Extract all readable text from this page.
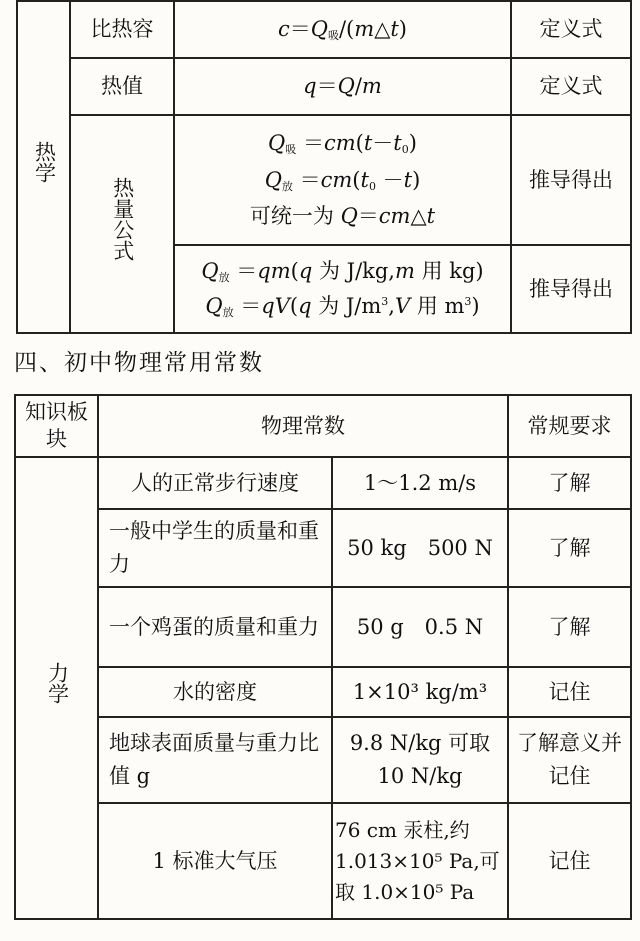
热学	比热容	$c=Q_吸/(m\triangle t)$	定义式
	热值	q＝Q/m	定义式
	热量公式	$Q_吸 =cm(t-t_0)$
$Q_放 =cm(t_0 -t)$
可统一为 Q＝cm△t	推导得出

		$Q_放 =qm(q$ 为 J/kg,m 用 kg)
$Q_放 =qV(q$ 为 $J/m^3,V$ 用 $m^3$)	推导得出
四、初中物理常用常数
知识板块	物理常数		常规要求
力学	人的正常步行速度	1～1.2 m/s	了解
	一般中学生的质量和重力	50 kg　500 N	了解
	一个鸡蛋的质量和重力	50 g　0.5 N	了解
	水的密度	1×10³ kg/m³	记住
	地球表面质量与重力比值 g	9.8 N/kg 可取 10 N/kg	了解意义并记住
	1 标准大气压	76 cm 汞柱,约 1.013×10⁵ Pa,可取 1.0×10⁵ Pa	记住
